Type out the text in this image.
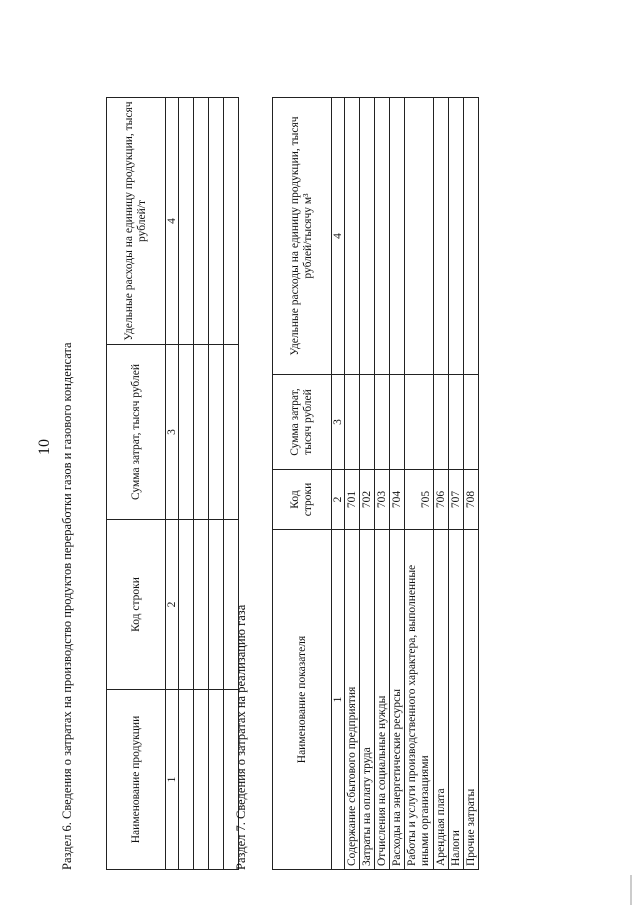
10 Раздел 6. Сведения о затратах на производство продуктов переработки газов и газового конденсата	Наименование продукции	Код строки	Сумма затрат, тысяч рублей	Удельные расходы на единицу продукции, тысяч рублей/т
1	2	3	4

Раздел 7. Сведения о затратах на реализацию газа	Наименование показателя	Код строки	Сумма затрат, тысяч рублей	Удельные расходы на единицу продукции, тысяч рублей/тысячу м³
1	2	3	4
Содержание сбытового предприятия	701		
Затраты на оплату труда	702		
Отчисления на социальные нужды	703		
Расходы на энергетические ресурсы	704		
Работы и услуги производственного характера, выполненные иными организациями	705		
Арендная плата	706		
Налоги	707		
Прочие затраты	708		
